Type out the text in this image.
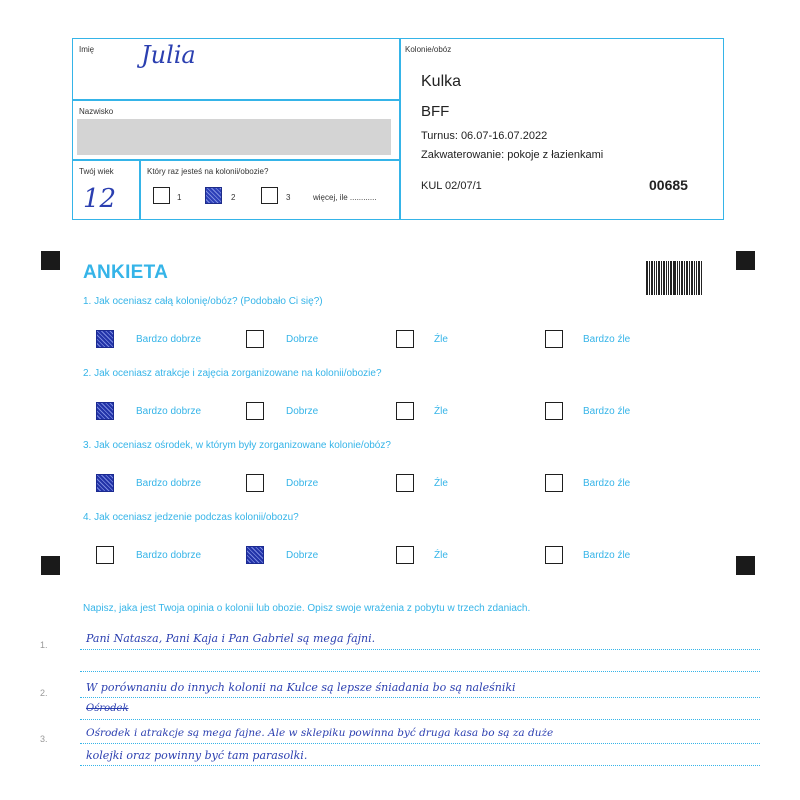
Imię Julia
Nazwisko
Twój wiek
12
Który raz jesteś na kolonii/obozie?
1	2	3	więcej, ile ............
Kolonie/obóz
Kulka
BFF
Turnus: 06.07-16.07.2022
Zakwaterowanie: pokoje z łazienkami
KUL 02/07/1	00685
ANKIETA
1. Jak oceniasz całą kolonię/obóz? (Podobało Ci się?)
Bardzo dobrze	Dobrze	Źle	Bardzo źle
2. Jak oceniasz atrakcje i zajęcia zorganizowane na kolonii/obozie?
Bardzo dobrze	Dobrze	Źle	Bardzo źle
3. Jak oceniasz ośrodek, w którym były zorganizowane kolonie/obóz?
Bardzo dobrze	Dobrze	Źle	Bardzo źle
4. Jak oceniasz jedzenie podczas kolonii/obozu?
Bardzo dobrze	Dobrze	Źle	Bardzo źle
Napisz, jaka jest Twoja opinia o kolonii lub obozie. Opisz swoje wrażenia z pobytu w trzech zdaniach.
1.
2.
3.
Pani Natasza, Pani Kaja i Pan Gabriel są mega fajni.
W porównaniu do innych kolonii na Kulce są lepsze śniadania bo są naleśniki
Ośrodek
Ośrodek i atrakcje są mega fajne. Ale w sklepiku powinna być druga kasa bo są za duże
kolejki oraz powinny być tam parasolki.
